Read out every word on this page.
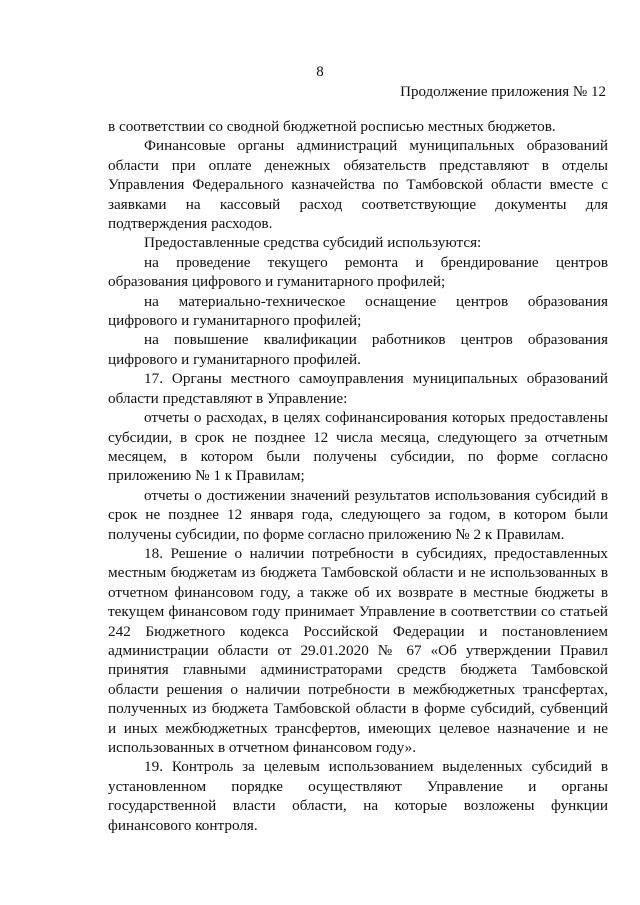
8
Продолжение приложения № 12

в соответствии со сводной бюджетной росписью местных бюджетов.

Финансовые органы администраций муниципальных образований области при оплате денежных обязательств представляют в отделы Управления Федерального казначейства по Тамбовской области вместе с заявками на кассовый расход соответствующие документы для подтверждения расходов.

Предоставленные средства субсидий используются:

на проведение текущего ремонта и брендирование центров образования цифрового и гуманитарного профилей;

на материально-техническое оснащение центров образования цифрового и гуманитарного профилей;

на повышение квалификации работников центров образования цифрового и гуманитарного профилей.

17. Органы местного самоуправления муниципальных образований области представляют в Управление:

отчеты о расходах, в целях софинансирования которых предоставлены субсидии, в срок не позднее 12 числа месяца, следующего за отчетным месяцем, в котором были получены субсидии, по форме согласно приложению № 1 к Правилам;

отчеты о достижении значений результатов использования субсидий в срок не позднее 12 января года, следующего за годом, в котором были получены субсидии, по форме согласно приложению № 2 к Правилам.

18. Решение о наличии потребности в субсидиях, предоставленных местным бюджетам из бюджета Тамбовской области и не использованных в отчетном финансовом году, а также об их возврате в местные бюджеты в текущем финансовом году принимает Управление в соответствии со статьей 242 Бюджетного кодекса Российской Федерации и постановлением администрации области от 29.01.2020 № 67 «Об утверждении Правил принятия главными администраторами средств бюджета Тамбовской области решения о наличии потребности в межбюджетных трансфертах, полученных из бюджета Тамбовской области в форме субсидий, субвенций и иных межбюджетных трансфертов, имеющих целевое назначение и не использованных в отчетном финансовом году».

19. Контроль за целевым использованием выделенных субсидий в установленном порядке осуществляют Управление и органы государственной власти области, на которые возложены функции финансового контроля.
